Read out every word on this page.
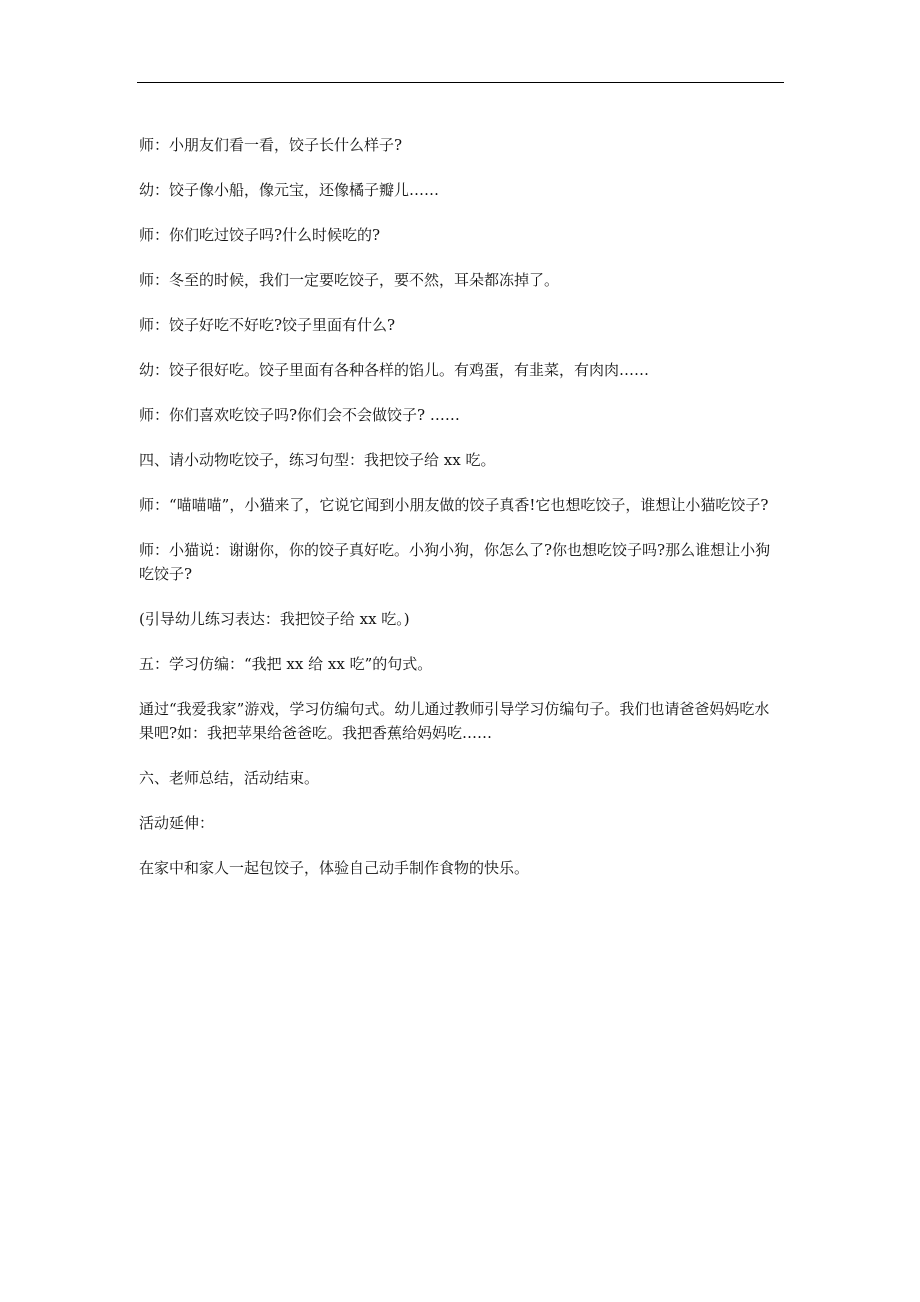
师：小朋友们看一看，饺子长什么样子?

幼：饺子像小船，像元宝，还像橘子瓣儿……

师：你们吃过饺子吗?什么时候吃的?

师：冬至的时候，我们一定要吃饺子，要不然，耳朵都冻掉了。

师：饺子好吃不好吃?饺子里面有什么?

幼：饺子很好吃。饺子里面有各种各样的馅儿。有鸡蛋，有韭菜，有肉肉……

师：你们喜欢吃饺子吗?你们会不会做饺子? ……

四、请小动物吃饺子，练习句型：我把饺子给 xx 吃。

师：“喵喵喵”，小猫来了，它说它闻到小朋友做的饺子真香!它也想吃饺子，谁想让小猫吃饺子?

师：小猫说：谢谢你，你的饺子真好吃。小狗小狗，你怎么了?你也想吃饺子吗?那么谁想让小狗吃饺子?

(引导幼儿练习表达：我把饺子给 xx 吃。)

五：学习仿编：“我把 xx 给 xx 吃”的句式。

通过“我爱我家”游戏，学习仿编句式。幼儿通过教师引导学习仿编句子。我们也请爸爸妈妈吃水果吧?如：我把苹果给爸爸吃。我把香蕉给妈妈吃……

六、老师总结，活动结束。

活动延伸：

在家中和家人一起包饺子，体验自己动手制作食物的快乐。
